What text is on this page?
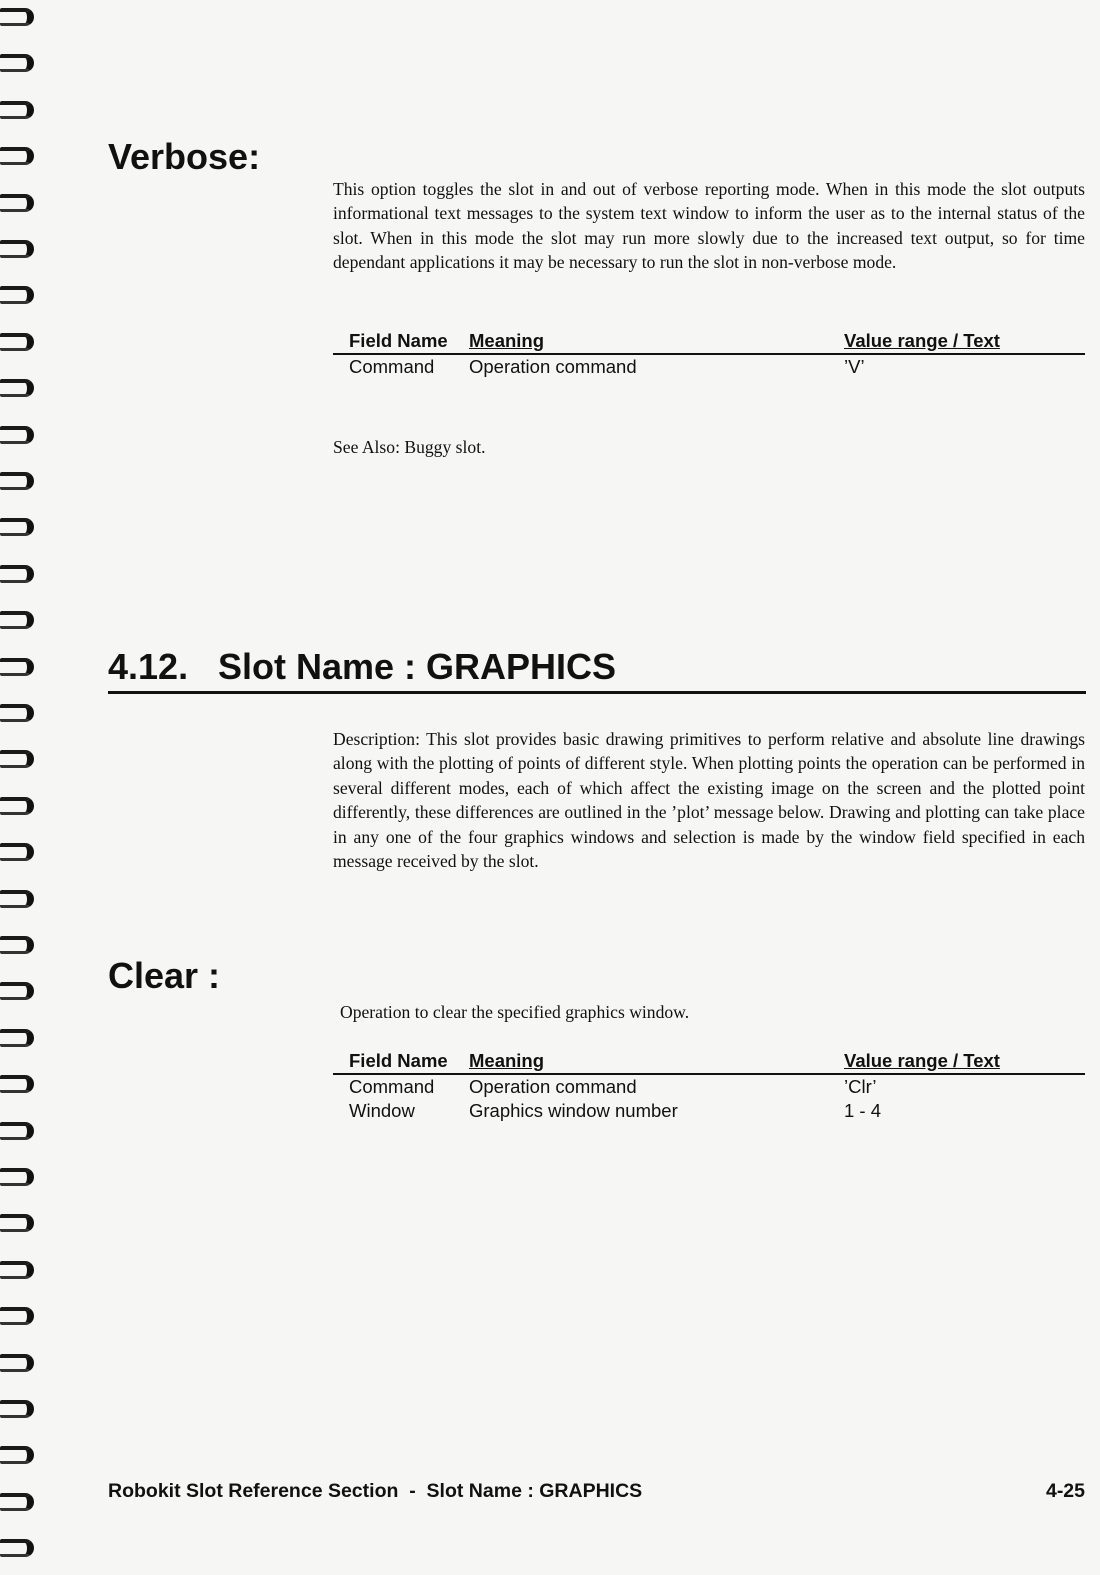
Verbose:

This option toggles the slot in and out of verbose reporting mode. When in this mode the slot outputs informational text messages to the system text window to inform the user as to the internal status of the slot. When in this mode the slot may run more slowly due to the increased text output, so for time dependant applications it may be necessary to run the slot in non-verbose mode.

Field Name	Meaning	Value range / Text
Command	Operation command	’V’

See Also: Buggy slot.

4.12. Slot Name : GRAPHICS

Description: This slot provides basic drawing primitives to perform relative and absolute line drawings along with the plotting of points of different style. When plotting points the operation can be performed in several different modes, each of which affect the existing image on the screen and the plotted point differently, these differences are outlined in the ’plot’ message below. Drawing and plotting can take place in any one of the four graphics windows and selection is made by the window field specified in each message received by the slot.

Clear :

Operation to clear the specified graphics window.

Field Name	Meaning	Value range / Text
Command	Operation command	’Clr’
Window	Graphics window number	1 - 4

Robokit Slot Reference Section  -  Slot Name : GRAPHICS	4-25
